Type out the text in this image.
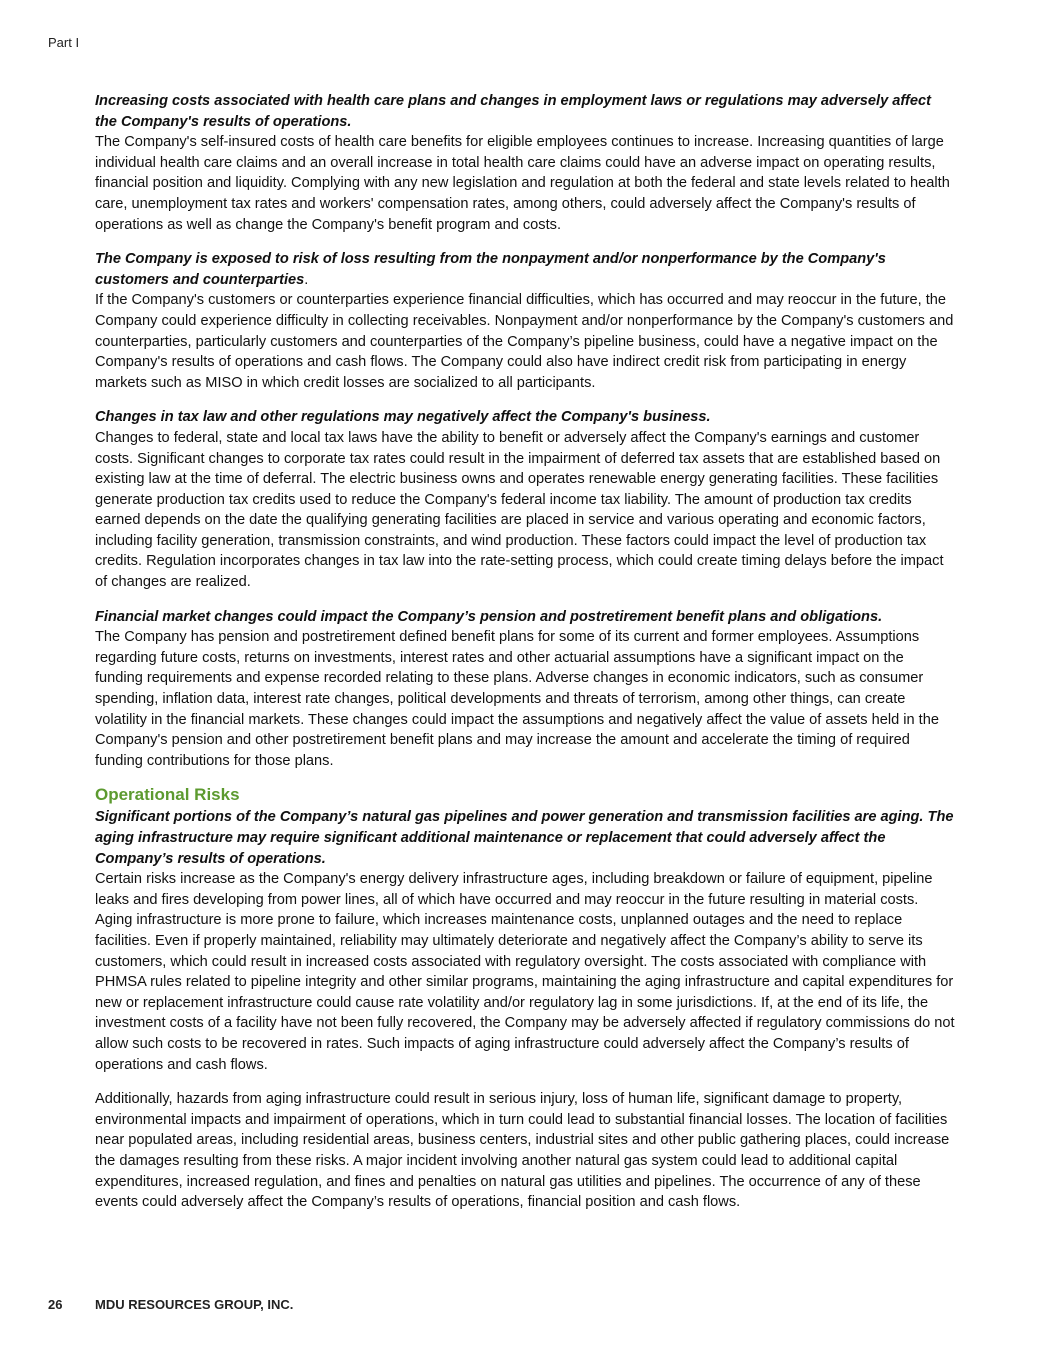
Part I

Increasing costs associated with health care plans and changes in employment laws or regulations may adversely affect the Company's results of operations.

The Company's self-insured costs of health care benefits for eligible employees continues to increase. Increasing quantities of large individual health care claims and an overall increase in total health care claims could have an adverse impact on operating results, financial position and liquidity. Complying with any new legislation and regulation at both the federal and state levels related to health care, unemployment tax rates and workers' compensation rates, among others, could adversely affect the Company's results of operations as well as change the Company's benefit program and costs.

The Company is exposed to risk of loss resulting from the nonpayment and/or nonperformance by the Company's customers and counterparties.

If the Company's customers or counterparties experience financial difficulties, which has occurred and may reoccur in the future, the Company could experience difficulty in collecting receivables. Nonpayment and/or nonperformance by the Company's customers and counterparties, particularly customers and counterparties of the Company’s pipeline business, could have a negative impact on the Company's results of operations and cash flows. The Company could also have indirect credit risk from participating in energy markets such as MISO in which credit losses are socialized to all participants.

Changes in tax law and other regulations may negatively affect the Company's business.

Changes to federal, state and local tax laws have the ability to benefit or adversely affect the Company's earnings and customer costs. Significant changes to corporate tax rates could result in the impairment of deferred tax assets that are established based on existing law at the time of deferral. The electric business owns and operates renewable energy generating facilities. These facilities generate production tax credits used to reduce the Company's federal income tax liability. The amount of production tax credits earned depends on the date the qualifying generating facilities are placed in service and various operating and economic factors, including facility generation, transmission constraints, and wind production. These factors could impact the level of production tax credits. Regulation incorporates changes in tax law into the rate-setting process, which could create timing delays before the impact of changes are realized.

Financial market changes could impact the Company’s pension and postretirement benefit plans and obligations.

The Company has pension and postretirement defined benefit plans for some of its current and former employees. Assumptions regarding future costs, returns on investments, interest rates and other actuarial assumptions have a significant impact on the funding requirements and expense recorded relating to these plans. Adverse changes in economic indicators, such as consumer spending, inflation data, interest rate changes, political developments and threats of terrorism, among other things, can create volatility in the financial markets. These changes could impact the assumptions and negatively affect the value of assets held in the Company's pension and other postretirement benefit plans and may increase the amount and accelerate the timing of required funding contributions for those plans.

Operational Risks

Significant portions of the Company’s natural gas pipelines and power generation and transmission facilities are aging. The aging infrastructure may require significant additional maintenance or replacement that could adversely affect the Company’s results of operations.

Certain risks increase as the Company's energy delivery infrastructure ages, including breakdown or failure of equipment, pipeline leaks and fires developing from power lines, all of which have occurred and may reoccur in the future resulting in material costs. Aging infrastructure is more prone to failure, which increases maintenance costs, unplanned outages and the need to replace facilities. Even if properly maintained, reliability may ultimately deteriorate and negatively affect the Company’s ability to serve its customers, which could result in increased costs associated with regulatory oversight. The costs associated with compliance with PHMSA rules related to pipeline integrity and other similar programs, maintaining the aging infrastructure and capital expenditures for new or replacement infrastructure could cause rate volatility and/or regulatory lag in some jurisdictions. If, at the end of its life, the investment costs of a facility have not been fully recovered, the Company may be adversely affected if regulatory commissions do not allow such costs to be recovered in rates. Such impacts of aging infrastructure could adversely affect the Company’s results of operations and cash flows.

Additionally, hazards from aging infrastructure could result in serious injury, loss of human life, significant damage to property, environmental impacts and impairment of operations, which in turn could lead to substantial financial losses. The location of facilities near populated areas, including residential areas, business centers, industrial sites and other public gathering places, could increase the damages resulting from these risks. A major incident involving another natural gas system could lead to additional capital expenditures, increased regulation, and fines and penalties on natural gas utilities and pipelines. The occurrence of any of these events could adversely affect the Company’s results of operations, financial position and cash flows.

26	MDU RESOURCES GROUP, INC.
